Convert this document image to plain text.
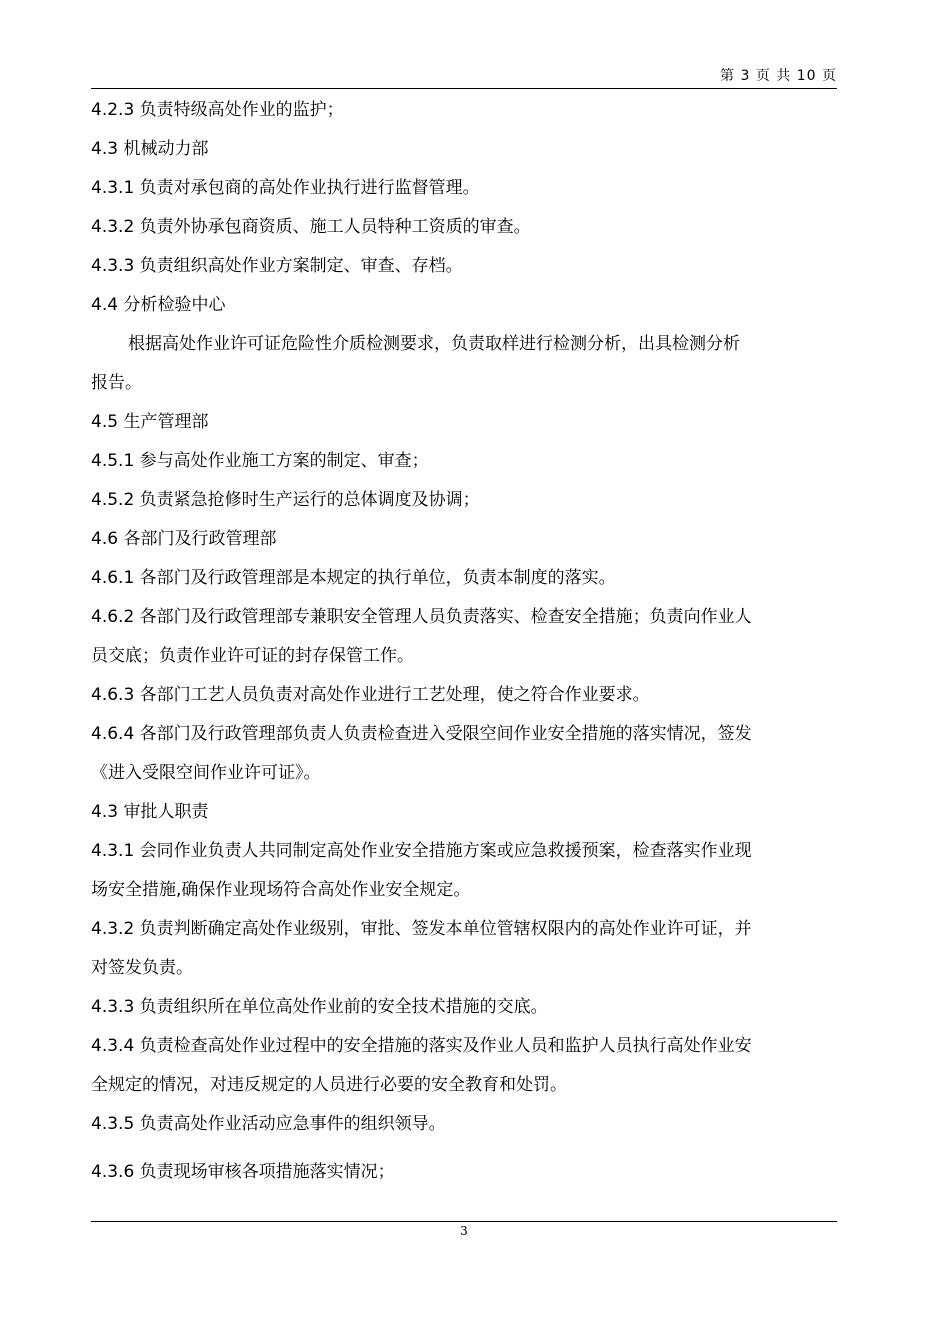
第 3 页 共 10 页
4.2.3 负责特级高处作业的监护；
4.3 机械动力部
4.3.1 负责对承包商的高处作业执行进行监督管理。
4.3.2 负责外协承包商资质、施工人员特种工资质的审查。
4.3.3 负责组织高处作业方案制定、审查、存档。
4.4 分析检验中心
根据高处作业许可证危险性介质检测要求，负责取样进行检测分析，出具检测分析
报告。
4.5 生产管理部
4.5.1 参与高处作业施工方案的制定、审查；
4.5.2 负责紧急抢修时生产运行的总体调度及协调；
4.6 各部门及行政管理部
4.6.1 各部门及行政管理部是本规定的执行单位，负责本制度的落实。
4.6.2 各部门及行政管理部专兼职安全管理人员负责落实、检查安全措施；负责向作业人
员交底；负责作业许可证的封存保管工作。
4.6.3 各部门工艺人员负责对高处作业进行工艺处理，使之符合作业要求。
4.6.4 各部门及行政管理部负责人负责检查进入受限空间作业安全措施的落实情况，签发
《进入受限空间作业许可证》。
4.3 审批人职责
4.3.1 会同作业负责人共同制定高处作业安全措施方案或应急救援预案，检查落实作业现
场安全措施,确保作业现场符合高处作业安全规定。
4.3.2 负责判断确定高处作业级别，审批、签发本单位管辖权限内的高处作业许可证，并
对签发负责。
4.3.3 负责组织所在单位高处作业前的安全技术措施的交底。
4.3.4 负责检查高处作业过程中的安全措施的落实及作业人员和监护人员执行高处作业安
全规定的情况，对违反规定的人员进行必要的安全教育和处罚。
4.3.5 负责高处作业活动应急事件的组织领导。
4.3.6 负责现场审核各项措施落实情况；
3
